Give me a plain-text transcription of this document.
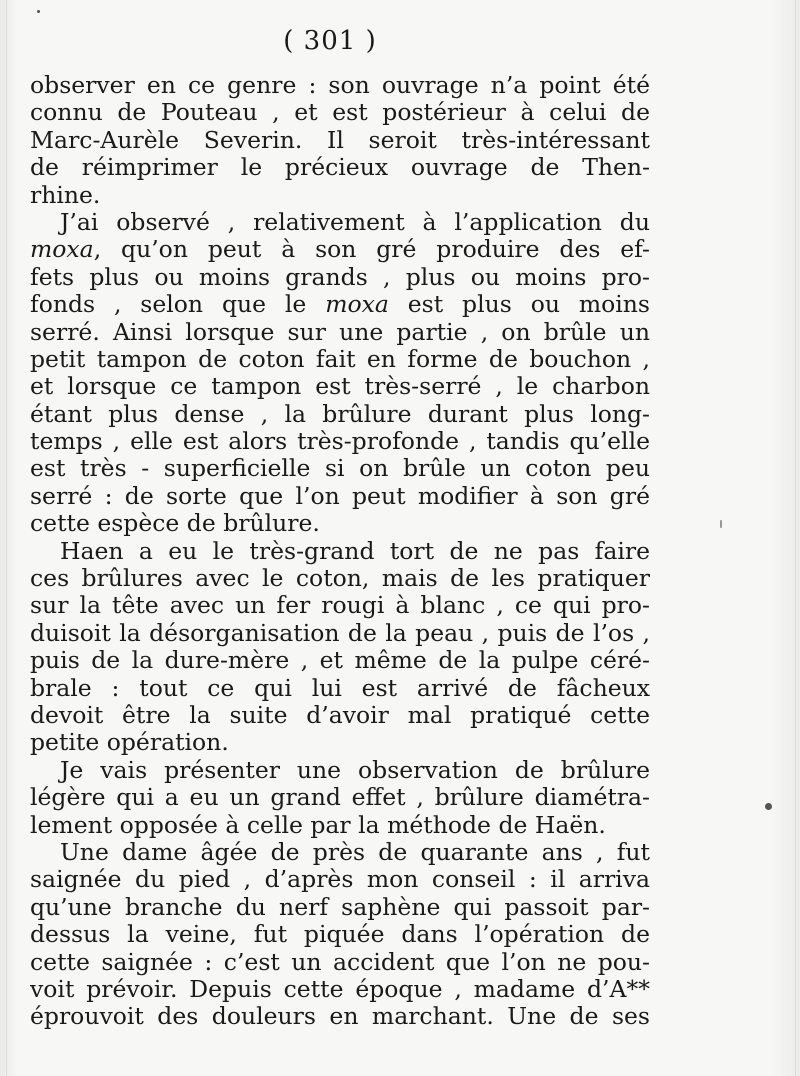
( 301 )
observer en ce genre : son ouvrage n’a point été
connu de Pouteau , et est postérieur à celui de
Marc-Aurèle Severin. Il seroit très-intéressant
de réimprimer le précieux ouvrage de Then-
rhine.
J’ai observé , relativement à l’application du
moxa, qu’on peut à son gré produire des ef-
fets plus ou moins grands , plus ou moins pro-
fonds , selon que le moxa est plus ou moins
serré. Ainsi lorsque sur une partie , on brûle un
petit tampon de coton fait en forme de bouchon ,
et lorsque ce tampon est très-serré , le charbon
étant plus dense , la brûlure durant plus long-
temps , elle est alors très-profonde , tandis qu’elle
est très - superficielle si on brûle un coton peu
serré : de sorte que l’on peut modifier à son gré
cette espèce de brûlure.
Haen a eu le très-grand tort de ne pas faire
ces brûlures avec le coton, mais de les pratiquer
sur la tête avec un fer rougi à blanc , ce qui pro-
duisoit la désorganisation de la peau , puis de l’os ,
puis de la dure-mère , et même de la pulpe céré-
brale : tout ce qui lui est arrivé de fâcheux
devoit être la suite d’avoir mal pratiqué cette
petite opération.
Je vais présenter une observation de brûlure
légère qui a eu un grand effet , brûlure diamétra-
lement opposée à celle par la méthode de Haën.
Une dame âgée de près de quarante ans , fut
saignée du pied , d’après mon conseil : il arriva
qu’une branche du nerf saphène qui passoit par-
dessus la veine, fut piquée dans l’opération de
cette saignée : c’est un accident que l’on ne pou-
voit prévoir. Depuis cette époque , madame d’A**
éprouvoit des douleurs en marchant. Une de ses
